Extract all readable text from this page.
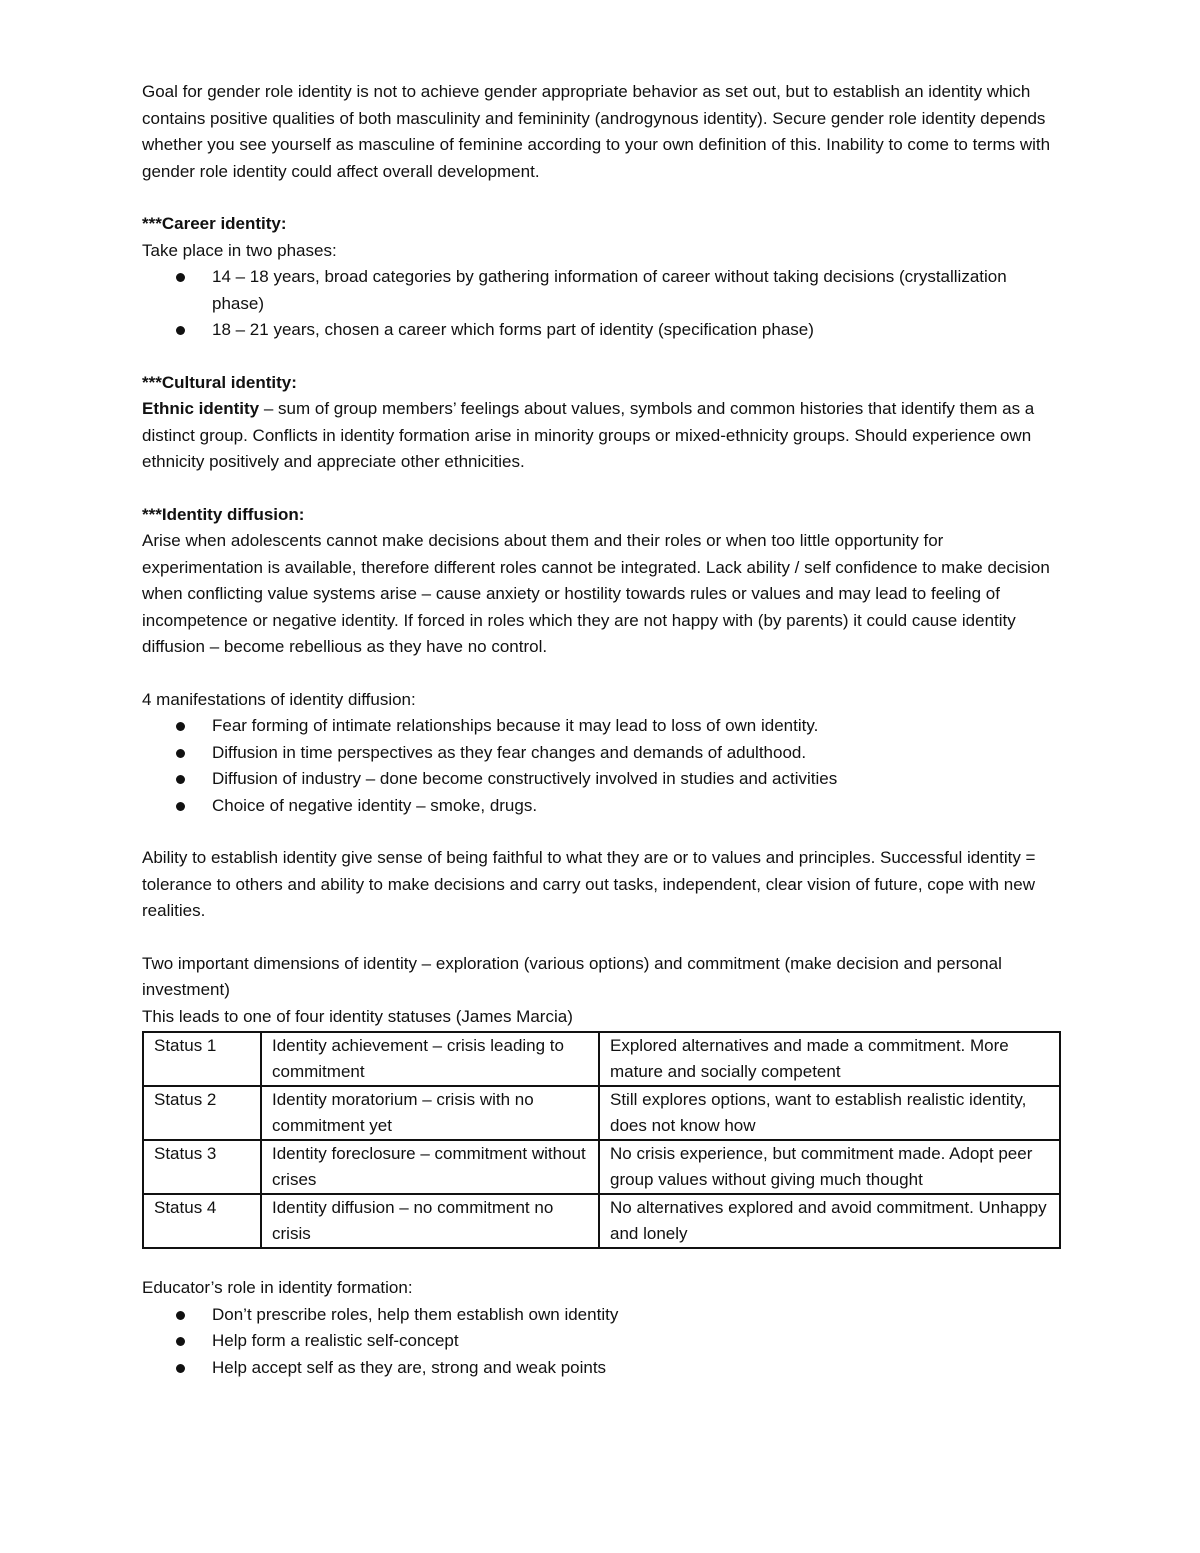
Goal for gender role identity is not to achieve gender appropriate behavior as set out, but to establish an identity which contains positive qualities of both masculinity and femininity (androgynous identity). Secure gender role identity depends whether you see yourself as masculine of feminine according to your own definition of this. Inability to come to terms with gender role identity could affect overall development.

***Career identity:

Take place in two phases:

14 – 18 years, broad categories by gathering information of career without taking decisions (crystallization phase)
18 – 21 years, chosen a career which forms part of identity (specification phase)

***Cultural identity:

Ethnic identity – sum of group members’ feelings about values, symbols and common histories that identify them as a distinct group. Conflicts in identity formation arise in minority groups or mixed-ethnicity groups. Should experience own ethnicity positively and appreciate other ethnicities.

***Identity diffusion:

Arise when adolescents cannot make decisions about them and their roles or when too little opportunity for experimentation is available, therefore different roles cannot be integrated. Lack ability / self confidence to make decision when conflicting value systems arise – cause anxiety or hostility towards rules or values and may lead to feeling of incompetence or negative identity. If forced in roles which they are not happy with (by parents) it could cause identity diffusion – become rebellious as they have no control.

4 manifestations of identity diffusion:

Fear forming of intimate relationships because it may lead to loss of own identity.
Diffusion in time perspectives as they fear changes and demands of adulthood.
Diffusion of industry – done become constructively involved in studies and activities
Choice of negative identity – smoke, drugs.

Ability to establish identity give sense of being faithful to what they are or to values and principles. Successful identity = tolerance to others and ability to make decisions and carry out tasks, independent, clear vision of future, cope with new realities.

Two important dimensions of identity – exploration (various options) and commitment (make decision and personal investment)

This leads to one of four identity statuses (James Marcia)

Status 1	Identity achievement – crisis leading to commitment	Explored alternatives and made a commitment. More mature and socially competent
Status 2	Identity moratorium – crisis with no commitment yet	Still explores options, want to establish realistic identity, does not know how
Status 3	Identity foreclosure – commitment without crises	No crisis experience, but commitment made. Adopt peer group values without giving much thought
Status 4	Identity diffusion – no commitment no crisis	No alternatives explored and avoid commitment. Unhappy and lonely

Educator’s role in identity formation:

Don’t prescribe roles, help them establish own identity
Help form a realistic self-concept
Help accept self as they are, strong and weak points
